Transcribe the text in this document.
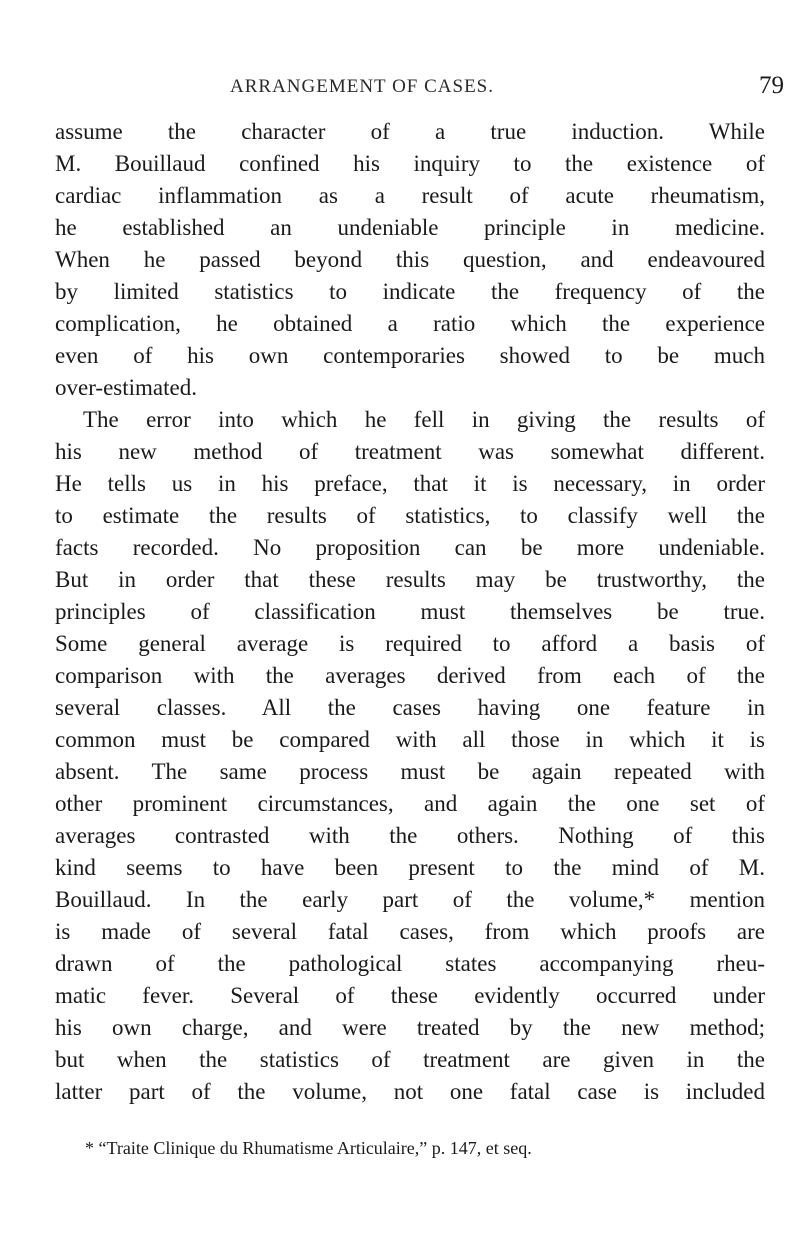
ARRANGEMENT OF CASES.	79
assume the character of a true induction. While
M. Bouillaud confined his inquiry to the existence of
cardiac inflammation as a result of acute rheumatism,
he established an undeniable principle in medicine.
When he passed beyond this question, and endeavoured
by limited statistics to indicate the frequency of the
complication, he obtained a ratio which the experience
even of his own contemporaries showed to be much
over-estimated.
The error into which he fell in giving the results of
his new method of treatment was somewhat different.
He tells us in his preface, that it is necessary, in order
to estimate the results of statistics, to classify well the
facts recorded. No proposition can be more undeniable.
But in order that these results may be trustworthy, the
principles of classification must themselves be true.
Some general average is required to afford a basis of
comparison with the averages derived from each of the
several classes. All the cases having one feature in
common must be compared with all those in which it is
absent. The same process must be again repeated with
other prominent circumstances, and again the one set of
averages contrasted with the others. Nothing of this
kind seems to have been present to the mind of M.
Bouillaud. In the early part of the volume,* mention
is made of several fatal cases, from which proofs are
drawn of the pathological states accompanying rheu-
matic fever. Several of these evidently occurred under
his own charge, and were treated by the new method;
but when the statistics of treatment are given in the
latter part of the volume, not one fatal case is included
* “Traite Clinique du Rhumatisme Articulaire,” p. 147, et seq.
